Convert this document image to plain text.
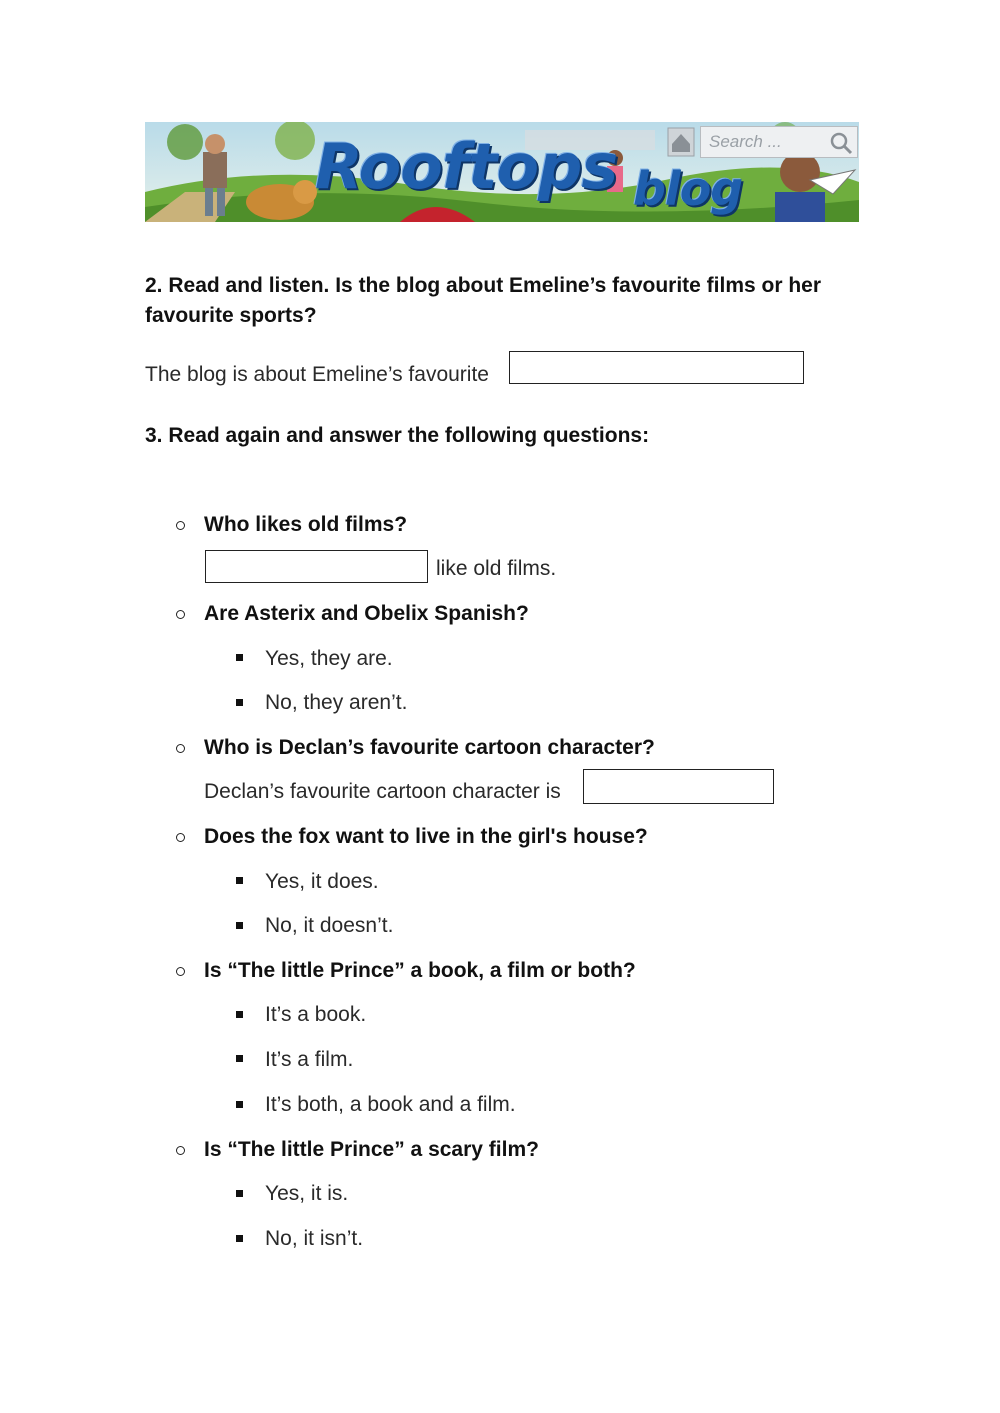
Rooftops blog
Search ...
2. Read and listen. Is the blog about Emeline’s favourite films or her
favourite sports?
The blog is about Emeline’s favourite
3. Read again and answer the following questions:
Who likes old films?
like old films.
Are Asterix and Obelix Spanish?
Yes, they are.
No, they aren’t.
Who is Declan’s favourite cartoon character?
Declan’s favourite cartoon character is
Does the fox want to live in the girl's house?
Yes, it does.
No, it doesn’t.
Is “The little Prince” a book, a film or both?
It’s a book.
It’s a film.
It’s both, a book and a film.
Is “The little Prince” a scary film?
Yes, it is.
No, it isn’t.
